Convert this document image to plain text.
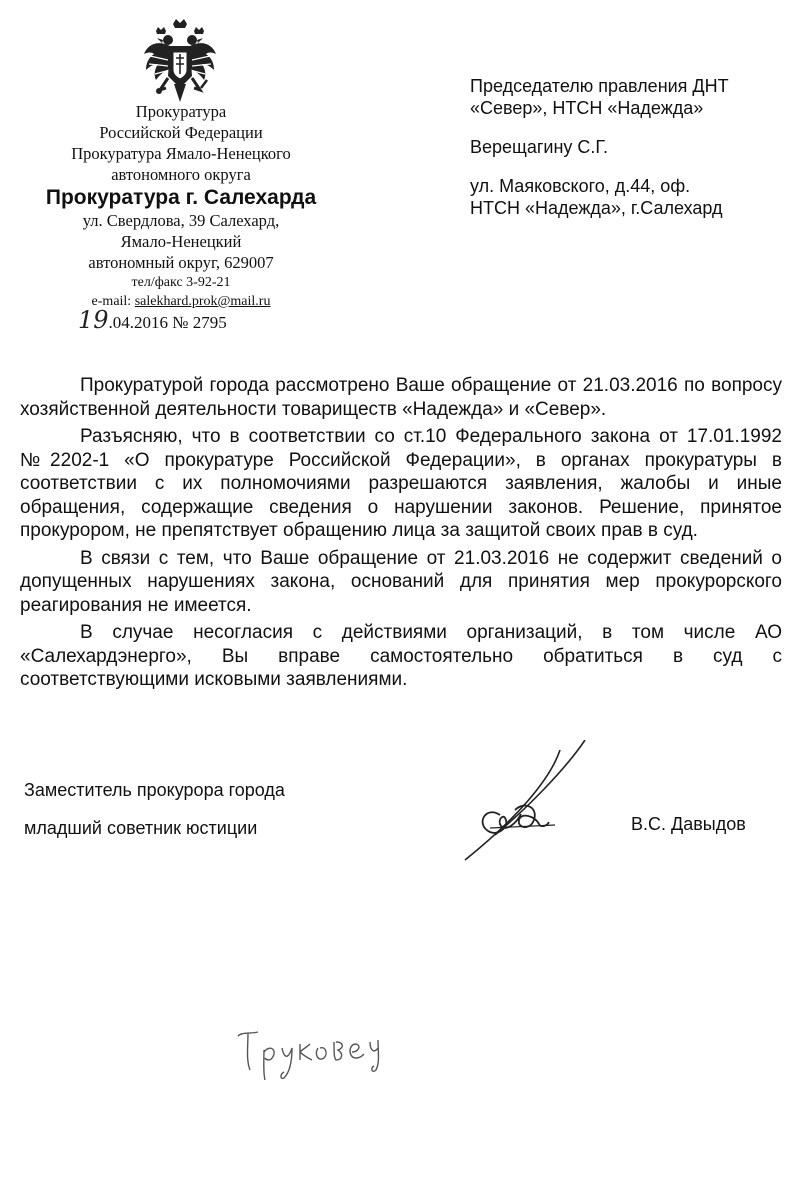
Прокуратура
Российской Федерации
Прокуратура Ямало-Ненецкого
автономного округа
Прокуратура г. Салехарда
ул. Свердлова, 39 Салехард,
Ямало-Ненецкий
автономный округ, 629007
тел/факс 3-92-21
e-mail: salekhard.prok@mail.ru
19.04.2016 № 2795

Председателю правления ДНТ
«Север», НТСН «Надежда»

Верещагину С.Г.

ул. Маяковского, д.44, оф.
НТСН «Надежда», г.Салехард

Прокуратурой города рассмотрено Ваше обращение от 21.03.2016 по вопросу хозяйственной деятельности товариществ «Надежда» и «Север».

Разъясняю, что в соответствии со ст.10 Федерального закона от 17.01.1992 №2202-1 «О прокуратуре Российской Федерации», в органах прокуратуры в соответствии с их полномочиями разрешаются заявления, жалобы и иные обращения, содержащие сведения о нарушении законов. Решение, принятое прокурором, не препятствует обращению лица за защитой своих прав в суд.

В связи с тем, что Ваше обращение от 21.03.2016 не содержит сведений о допущенных нарушениях закона, оснований для принятия мер прокурорского реагирования не имеется.

В случае несогласия с действиями организаций, в том числе АО «Салехардэнерго», Вы вправе самостоятельно обратиться в суд с соответствующими исковыми заявлениями.

Заместитель прокурора города
младший советник юстиции	В.С. Давыдов
